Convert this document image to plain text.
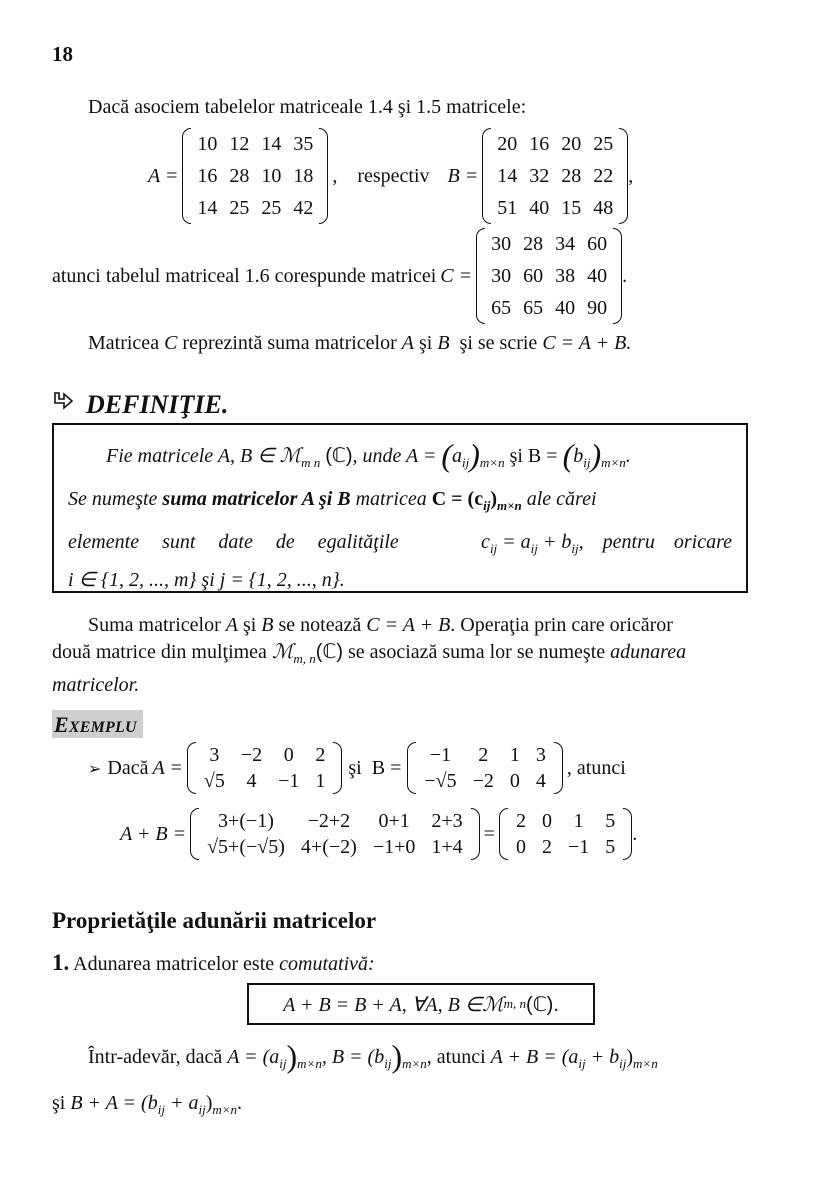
18
Dacă asociem tabelelor matriceale 1.4 şi 1.5 matricele:
A =
10	12	14	35
16	28	10	18
14	25	25	42
, respectiv B =
20	16	20	25
14	32	28	22
51	40	15	48
,
atunci tabelul matriceal 1.6 corespunde matricei C =
30	28	34	60
30	60	38	40
65	65	40	90
.
Matricea C reprezintă suma matricelor A şi B  şi se scrie C = A + B.
DEFINIŢIE.
Fie matricele A, B ∈ ℳ$_{m n}$ (ℂ), unde $A = (a_{ij})_{m\times n}$ şi $B = (b_{ij})_{m\times n}$.
Se numeşte suma matricelor A şi B matricea $C = (c_{ij})_{m\times n}$ ale cărei
elemente sunt date de egalităţile	$c_{ij} = a_{ij} + b_{ij}$, pentru oricare
i ∈ {1, 2, ..., m} şi j = {1, 2, ..., n}.
Suma matricelor A şi B se notează C = A + B. Operaţia prin care oricăror
două matrice din mulţimea ℳ$_{m, n}$(ℂ) se asociază suma lor se numeşte adunarea
matricelor.
EXEMPLU
➢ Dacă A =
3	−2	0	2
√5	4	−1	1
şi  B =
−1	2	1	3
−√5	−2	0	4
, atunci
A + B =
3+(−1)	−2+2	0+1	2+3
√5+(−√5)	4+(−2)	−1+0	1+4
=
2	0	1	5
0	2	−1	5
.
Proprietăţile adunării matricelor
1. Adunarea matricelor este comutativă:
A + B = B + A, ∀A, B ∈ ℳ m, n (ℂ).
Într-adevăr, dacă $A = (a_{ij})_{m\times n}$, $B = (b_{ij})_{m\times n}$, atunci $A + B = (a_{ij} + b_{ij})_{m\times n}$
şi $B + A = (b_{ij} + a_{ij})_{m\times n}$.
